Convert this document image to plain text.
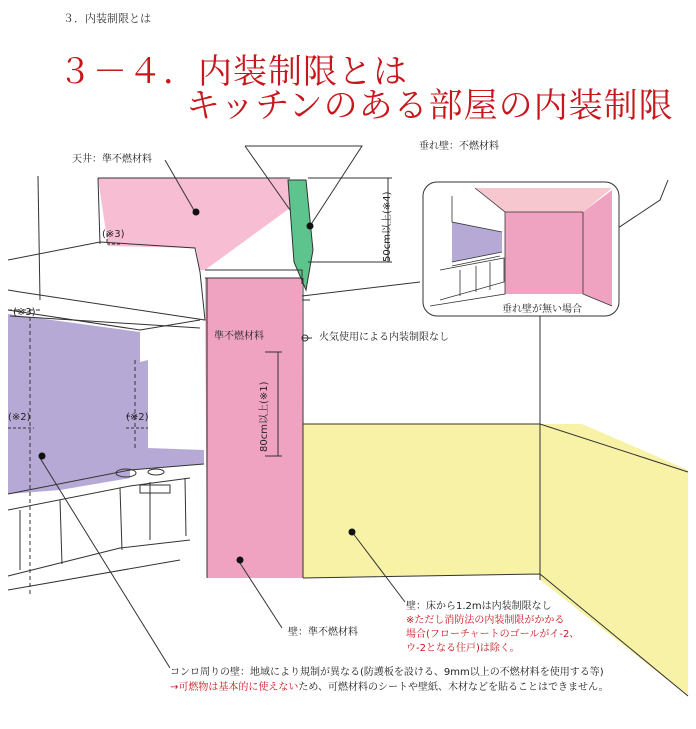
３．内装制限とは
３－４．内装制限とは
キッチンのある部屋の内装制限
天井：準不燃材料
垂れ壁：不燃材料
50cm以上(※4)
(※3)
(※3)
(※2)	(※2)
準不燃材料	火気使用による内装制限なし
80cm以上(※1)
垂れ壁が無い場合
壁：床から1.2mは内装制限なし
※ただし消防法の内装制限がかかる
場合(フローチャートのゴールがイ-2、
ウ-2となる住戸)は除く。
壁：準不燃材料
コンロ周りの壁：地域により規制が異なる(防護板を設ける、9mm以上の不燃材料を使用する等)
→可燃物は基本的に使えないため、可燃材料のシートや壁紙、木材などを貼ることはできません。
